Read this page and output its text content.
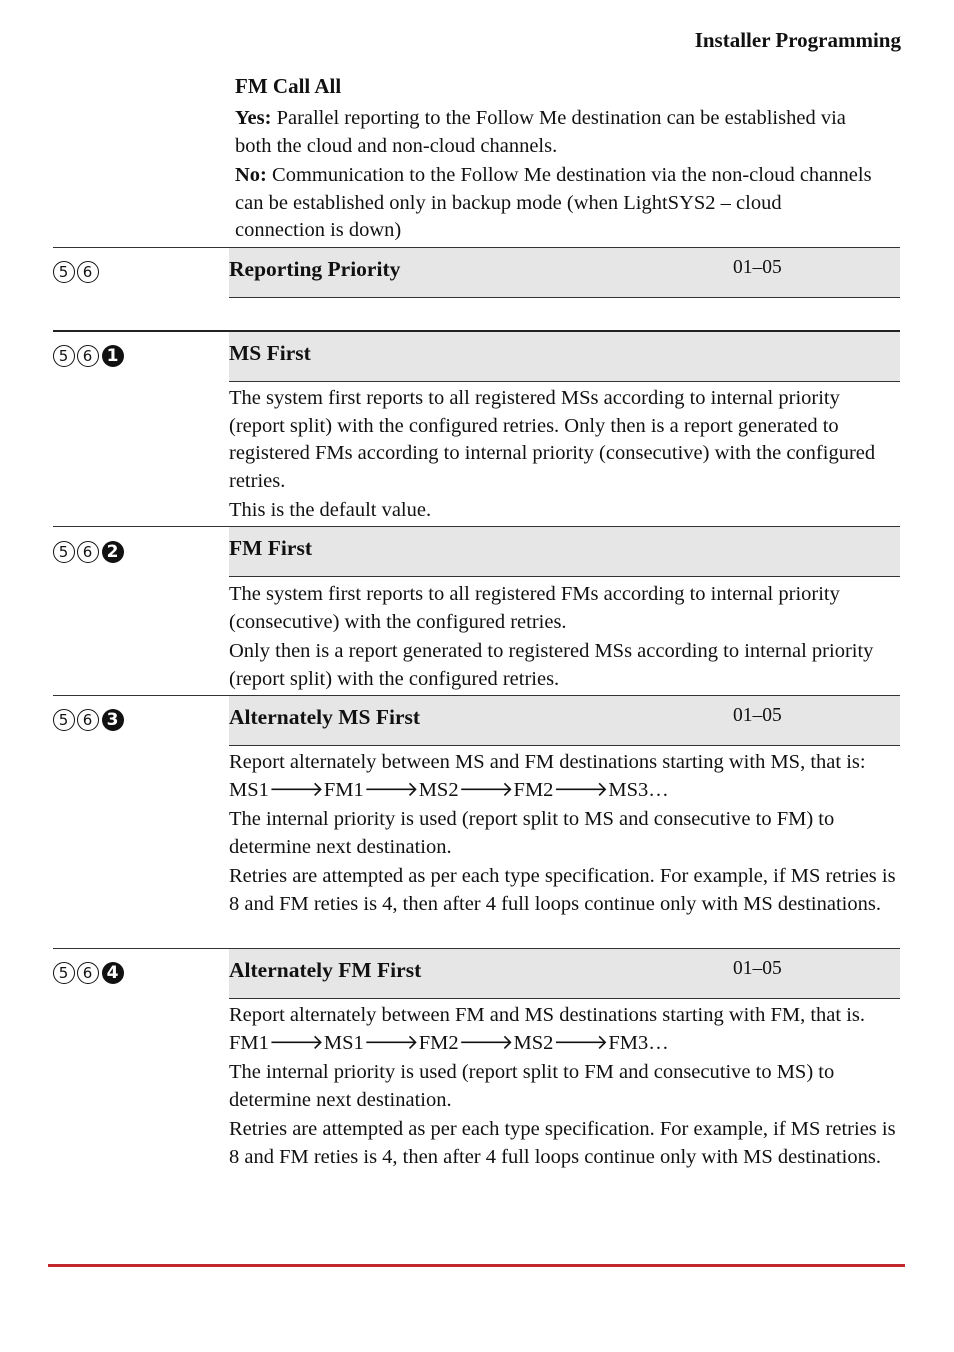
Installer Programming
FM Call All
Yes: Parallel reporting to the Follow Me destination can be established via both the cloud and non-cloud channels.
No: Communication to the Follow Me destination via the non-cloud channels can be established only in backup mode (when LightSYS2 – cloud connection is down)
5 6	Reporting Priority	01–05
5 6 1	MS First

The system first reports to all registered MSs according to internal priority (report split) with the configured retries. Only then is a report generated to registered FMs according to internal priority (consecutive) with the configured retries.

This is the default value.

5 6 2	FM First

The system first reports to all registered FMs according to internal priority (consecutive) with the configured retries.

Only then is a report generated to registered MSs according to internal priority (report split) with the configured retries.

5 6 3	Alternately MS First	01–05

Report alternately between MS and FM destinations starting with MS, that is: MS1🡒FM1🡒MS2🡒FM2🡒MS3…

The internal priority is used (report split to MS and consecutive to FM) to determine next destination.

Retries are attempted as per each type specification. For example, if MS retries is 8 and FM reties is 4, then after 4 full loops continue only with MS destinations.

5 6 4	Alternately FM First	01–05

Report alternately between FM and MS destinations starting with FM, that is. FM1🡒MS1🡒FM2🡒MS2🡒FM3…

The internal priority is used (report split to FM and consecutive to MS) to determine next destination.

Retries are attempted as per each type specification. For example, if MS retries is 8 and FM reties is 4, then after 4 full loops continue only with MS destinations.
